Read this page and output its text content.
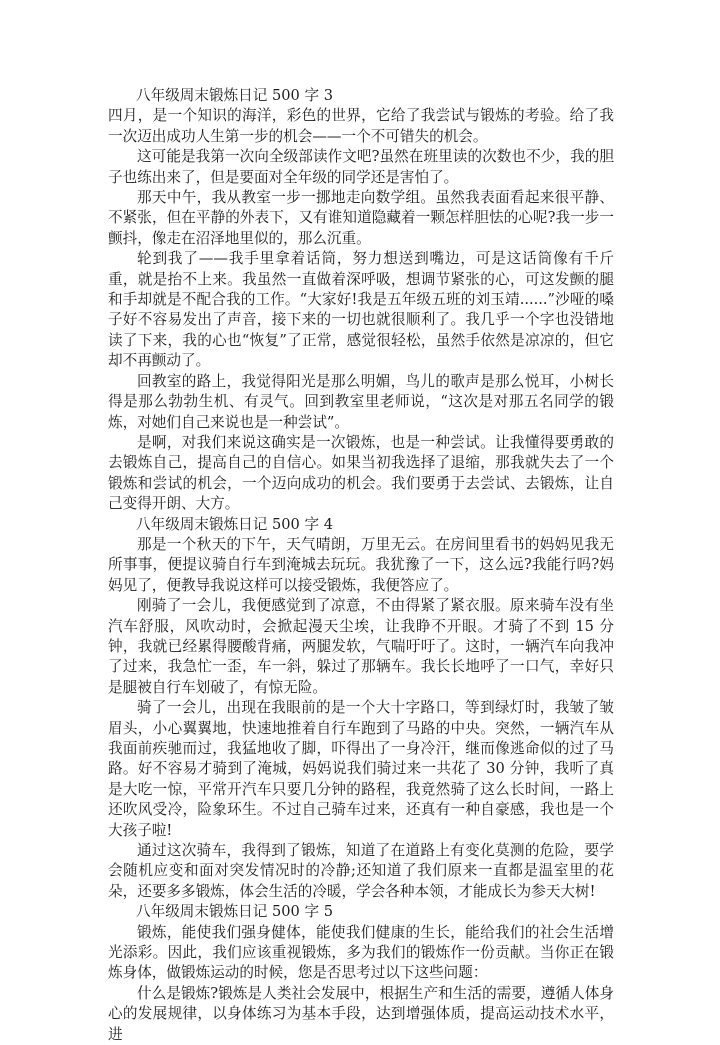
八年级周末锻炼日记 500 字 3

四月，是一个知识的海洋，彩色的世界，它给了我尝试与锻炼的考验。给了我一次迈出成功人生第一步的机会——一个不可错失的机会。

这可能是我第一次向全级部读作文吧?虽然在班里读的次数也不少，我的胆子也练出来了，但是要面对全年级的同学还是害怕了。

那天中午，我从教室一步一挪地走向数学组。虽然我表面看起来很平静、不紧张，但在平静的外表下，又有谁知道隐藏着一颗怎样胆怯的心呢?我一步一颤抖，像走在沼泽地里似的，那么沉重。

轮到我了——我手里拿着话筒，努力想送到嘴边，可是这话筒像有千斤重，就是抬不上来。我虽然一直做着深呼吸，想调节紧张的心，可这发颤的腿和手却就是不配合我的工作。“大家好!我是五年级五班的刘玉靖......”沙哑的嗓子好不容易发出了声音，接下来的一切也就很顺利了。我几乎一个字也没错地读了下来，我的心也“恢复”了正常，感觉很轻松，虽然手依然是凉凉的，但它却不再颤动了。

回教室的路上，我觉得阳光是那么明媚，鸟儿的歌声是那么悦耳，小树长得是那么勃勃生机、有灵气。回到教室里老师说，“这次是对那五名同学的锻炼，对她们自己来说也是一种尝试”。

是啊，对我们来说这确实是一次锻炼，也是一种尝试。让我懂得要勇敢的去锻炼自己，提高自己的自信心。如果当初我选择了退缩，那我就失去了一个锻炼和尝试的机会，一个迈向成功的机会。我们要勇于去尝试、去锻炼，让自己变得开朗、大方。

八年级周末锻炼日记 500 字 4

那是一个秋天的下午，天气晴朗，万里无云。在房间里看书的妈妈见我无所事事，便提议骑自行车到淹城去玩玩。我犹豫了一下，这么远?我能行吗?妈妈见了，便教导我说这样可以接受锻炼，我便答应了。

刚骑了一会儿，我便感觉到了凉意，不由得紧了紧衣服。原来骑车没有坐汽车舒服，风吹动时，会掀起漫天尘埃，让我睁不开眼。才骑了不到 15 分钟，我就已经累得腰酸背痛，两腿发软，气喘吁吁了。这时，一辆汽车向我冲了过来，我急忙一歪，车一斜，躲过了那辆车。我长长地呼了一口气，幸好只是腿被自行车划破了，有惊无险。

骑了一会儿，出现在我眼前的是一个大十字路口，等到绿灯时，我皱了皱眉头，小心翼翼地，快速地推着自行车跑到了马路的中央。突然，一辆汽车从我面前疾驰而过，我猛地收了脚，吓得出了一身冷汗，继而像逃命似的过了马路。好不容易才骑到了淹城，妈妈说我们骑过来一共花了 30 分钟，我听了真是大吃一惊，平常开汽车只要几分钟的路程，我竟然骑了这么长时间，一路上还吹风受冷，险象环生。不过自己骑车过来，还真有一种自豪感，我也是一个大孩子啦!

通过这次骑车，我得到了锻炼，知道了在道路上有变化莫测的危险，要学会随机应变和面对突发情况时的冷静;还知道了我们原来一直都是温室里的花朵，还要多多锻炼，体会生活的冷暖，学会各种本领，才能成长为参天大树!

八年级周末锻炼日记 500 字 5

锻炼，能使我们强身健体，能使我们健康的生长，能给我们的社会生活增光添彩。因此，我们应该重视锻炼，多为我们的锻炼作一份贡献。当你正在锻炼身体，做锻炼运动的时候，您是否思考过以下这些问题：

什么是锻炼?锻炼是人类社会发展中，根据生产和生活的需要，遵循人体身心的发展规律，以身体练习为基本手段，达到增强体质，提高运动技术水平，进
